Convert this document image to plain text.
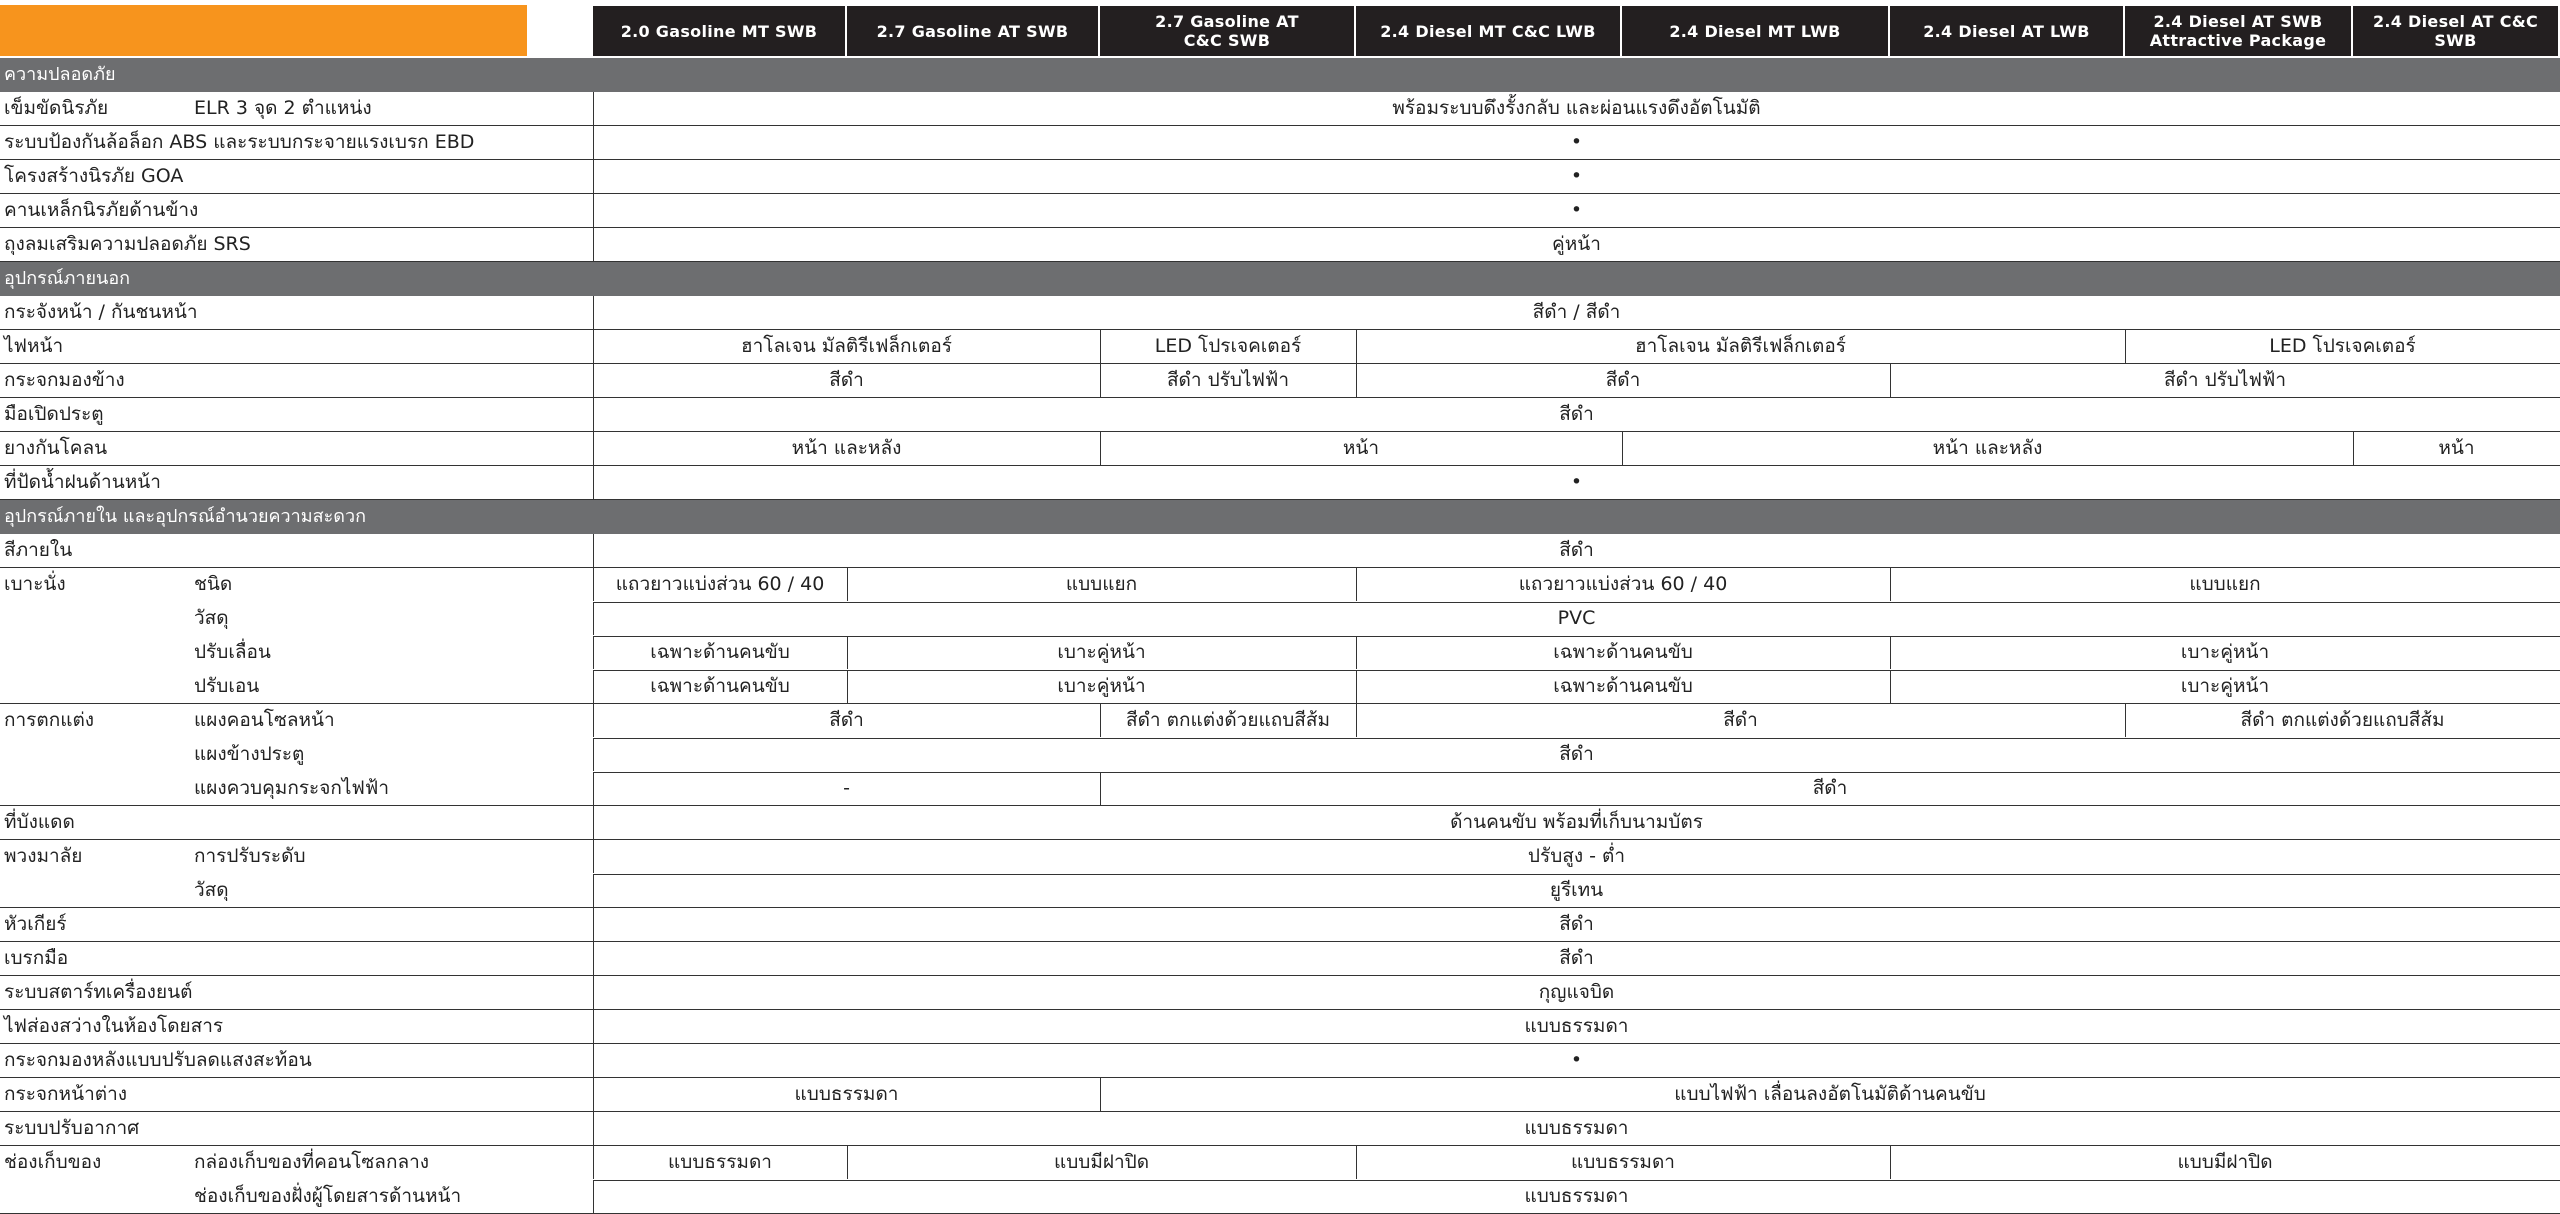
2.0 Gasoline MT SWB	2.7 Gasoline AT SWB	2.7 Gasoline AT
C&C SWB	2.4 Diesel MT C&C LWB	2.4 Diesel MT LWB	2.4 Diesel AT LWB	2.4 Diesel AT SWB
Attractive Package
2.4 Diesel AT C&C SWB
ความปลอดภัย
เข็มขัดนิรภัย	ELR 3 จุด 2 ตำแหน่ง	พร้อมระบบดึงรั้งกลับ และผ่อนแรงดึงอัตโนมัติ
ระบบป้องกันล้อล็อก ABS และระบบกระจายแรงเบรก EBD	•
โครงสร้างนิรภัย GOA	•
คานเหล็กนิรภัยด้านข้าง	•
ถุงลมเสริมความปลอดภัย SRS	คู่หน้า
อุปกรณ์ภายนอก
กระจังหน้า / กันชนหน้า	สีดำ / สีดำ
ไฟหน้า	ฮาโลเจน มัลติรีเฟล็กเตอร์	LED โปรเจคเตอร์	ฮาโลเจน มัลติรีเฟล็กเตอร์	LED โปรเจคเตอร์
กระจกมองข้าง	สีดำ	สีดำ ปรับไฟฟ้า	สีดำ	สีดำ ปรับไฟฟ้า
มือเปิดประตู	สีดำ
ยางกันโคลน	หน้า และหลัง	หน้า	หน้า และหลัง	หน้า
ที่ปัดน้ำฝนด้านหน้า	•
อุปกรณ์ภายใน และอุปกรณ์อำนวยความสะดวก
สีภายใน	สีดำ
เบาะนั่ง	ชนิด	แถวยาวแบ่งส่วน 60 / 40	แบบแยก	แถวยาวแบ่งส่วน 60 / 40	แบบแยก
วัสดุ	PVC
ปรับเลื่อน	เฉพาะด้านคนขับ	เบาะคู่หน้า	เฉพาะด้านคนขับ	เบาะคู่หน้า
ปรับเอน	เฉพาะด้านคนขับ	เบาะคู่หน้า	เฉพาะด้านคนขับ	เบาะคู่หน้า
การตกแต่ง	แผงคอนโซลหน้า	สีดำ	สีดำ ตกแต่งด้วยแถบสีส้ม	สีดำ	สีดำ ตกแต่งด้วยแถบสีส้ม
แผงข้างประตู	สีดำ
แผงควบคุมกระจกไฟฟ้า	-	สีดำ
ที่บังแดด	ด้านคนขับ พร้อมที่เก็บนามบัตร
พวงมาลัย	การปรับระดับ	ปรับสูง - ต่ำ
วัสดุ	ยูรีเทน
หัวเกียร์	สีดำ
เบรกมือ	สีดำ
ระบบสตาร์ทเครื่องยนต์	กุญแจบิด
ไฟส่องสว่างในห้องโดยสาร	แบบธรรมดา
กระจกมองหลังแบบปรับลดแสงสะท้อน	•
กระจกหน้าต่าง	แบบธรรมดา	แบบไฟฟ้า เลื่อนลงอัตโนมัติด้านคนขับ
ระบบปรับอากาศ	แบบธรรมดา
ช่องเก็บของ	กล่องเก็บของที่คอนโซลกลาง	แบบธรรมดา	แบบมีฝาปิด	แบบธรรมดา	แบบมีฝาปิด
ช่องเก็บของฝั่งผู้โดยสารด้านหน้า	แบบธรรมดา
